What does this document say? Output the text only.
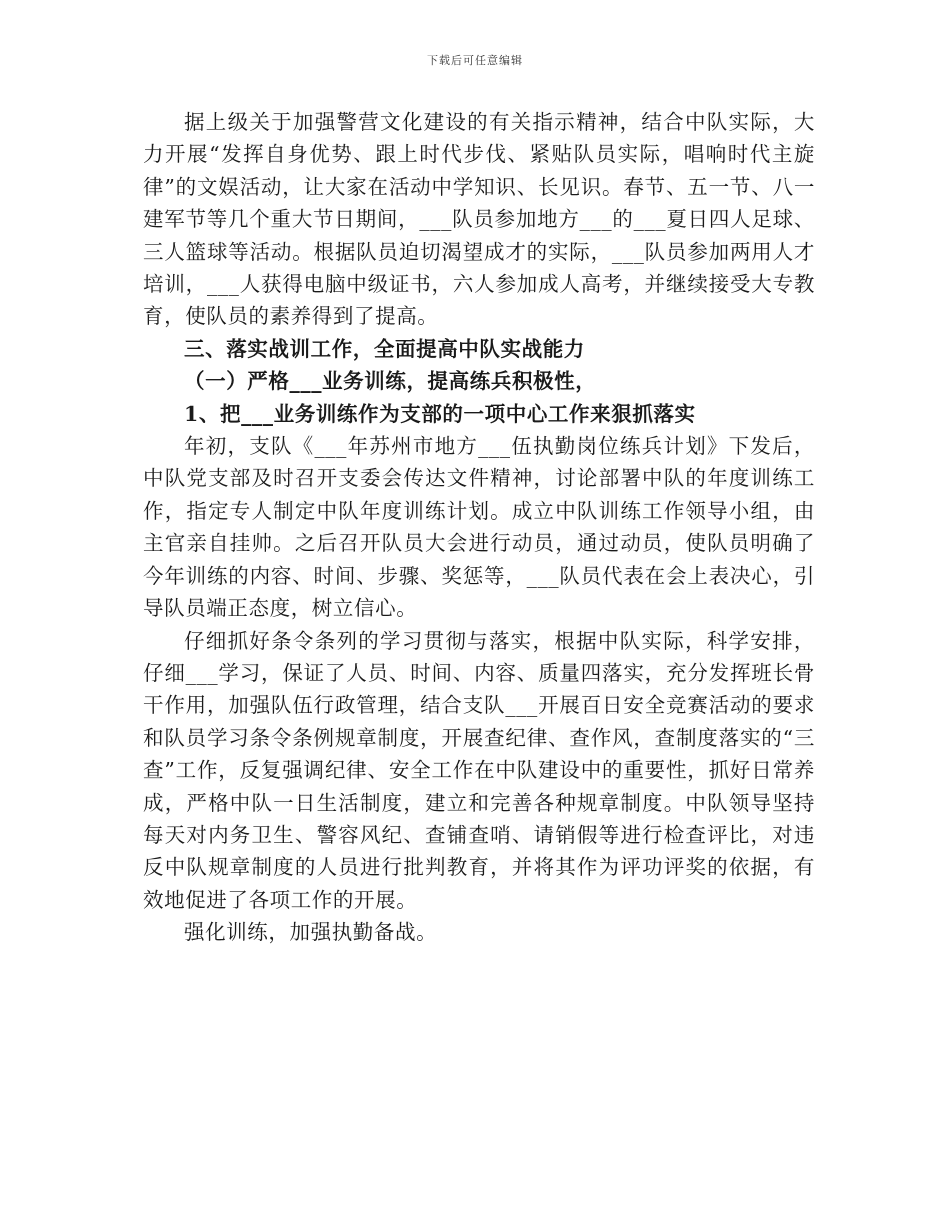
下载后可任意编辑

据上级关于加强警营文化建设的有关指示精神，结合中队实际，大力开展“发挥自身优势、跟上时代步伐、紧贴队员实际，唱响时代主旋律”的文娱活动，让大家在活动中学知识、长见识。春节、五一节、八一建军节等几个重大节日期间，___队员参加地方___的___夏日四人足球、三人篮球等活动。根据队员迫切渴望成才的实际，___队员参加两用人才培训，___人获得电脑中级证书，六人参加成人高考，并继续接受大专教育，使队员的素养得到了提高。

三、落实战训工作，全面提高中队实战能力

（一）严格___业务训练，提高练兵积极性，

1、把___业务训练作为支部的一项中心工作来狠抓落实

年初，支队《___年苏州市地方___伍执勤岗位练兵计划》下发后，中队党支部及时召开支委会传达文件精神，讨论部署中队的年度训练工作，指定专人制定中队年度训练计划。成立中队训练工作领导小组，由主官亲自挂帅。之后召开队员大会进行动员，通过动员，使队员明确了今年训练的内容、时间、步骤、奖惩等，___队员代表在会上表决心，引导队员端正态度，树立信心。

仔细抓好条令条列的学习贯彻与落实，根据中队实际，科学安排，仔细___学习，保证了人员、时间、内容、质量四落实，充分发挥班长骨干作用，加强队伍行政管理，结合支队___开展百日安全竞赛活动的要求和队员学习条令条例规章制度，开展查纪律、查作风，查制度落实的“三查”工作，反复强调纪律、安全工作在中队建设中的重要性，抓好日常养成，严格中队一日生活制度，建立和完善各种规章制度。中队领导坚持每天对内务卫生、警容风纪、查铺查哨、请销假等进行检查评比，对违反中队规章制度的人员进行批判教育，并将其作为评功评奖的依据，有效地促进了各项工作的开展。

强化训练，加强执勤备战。
